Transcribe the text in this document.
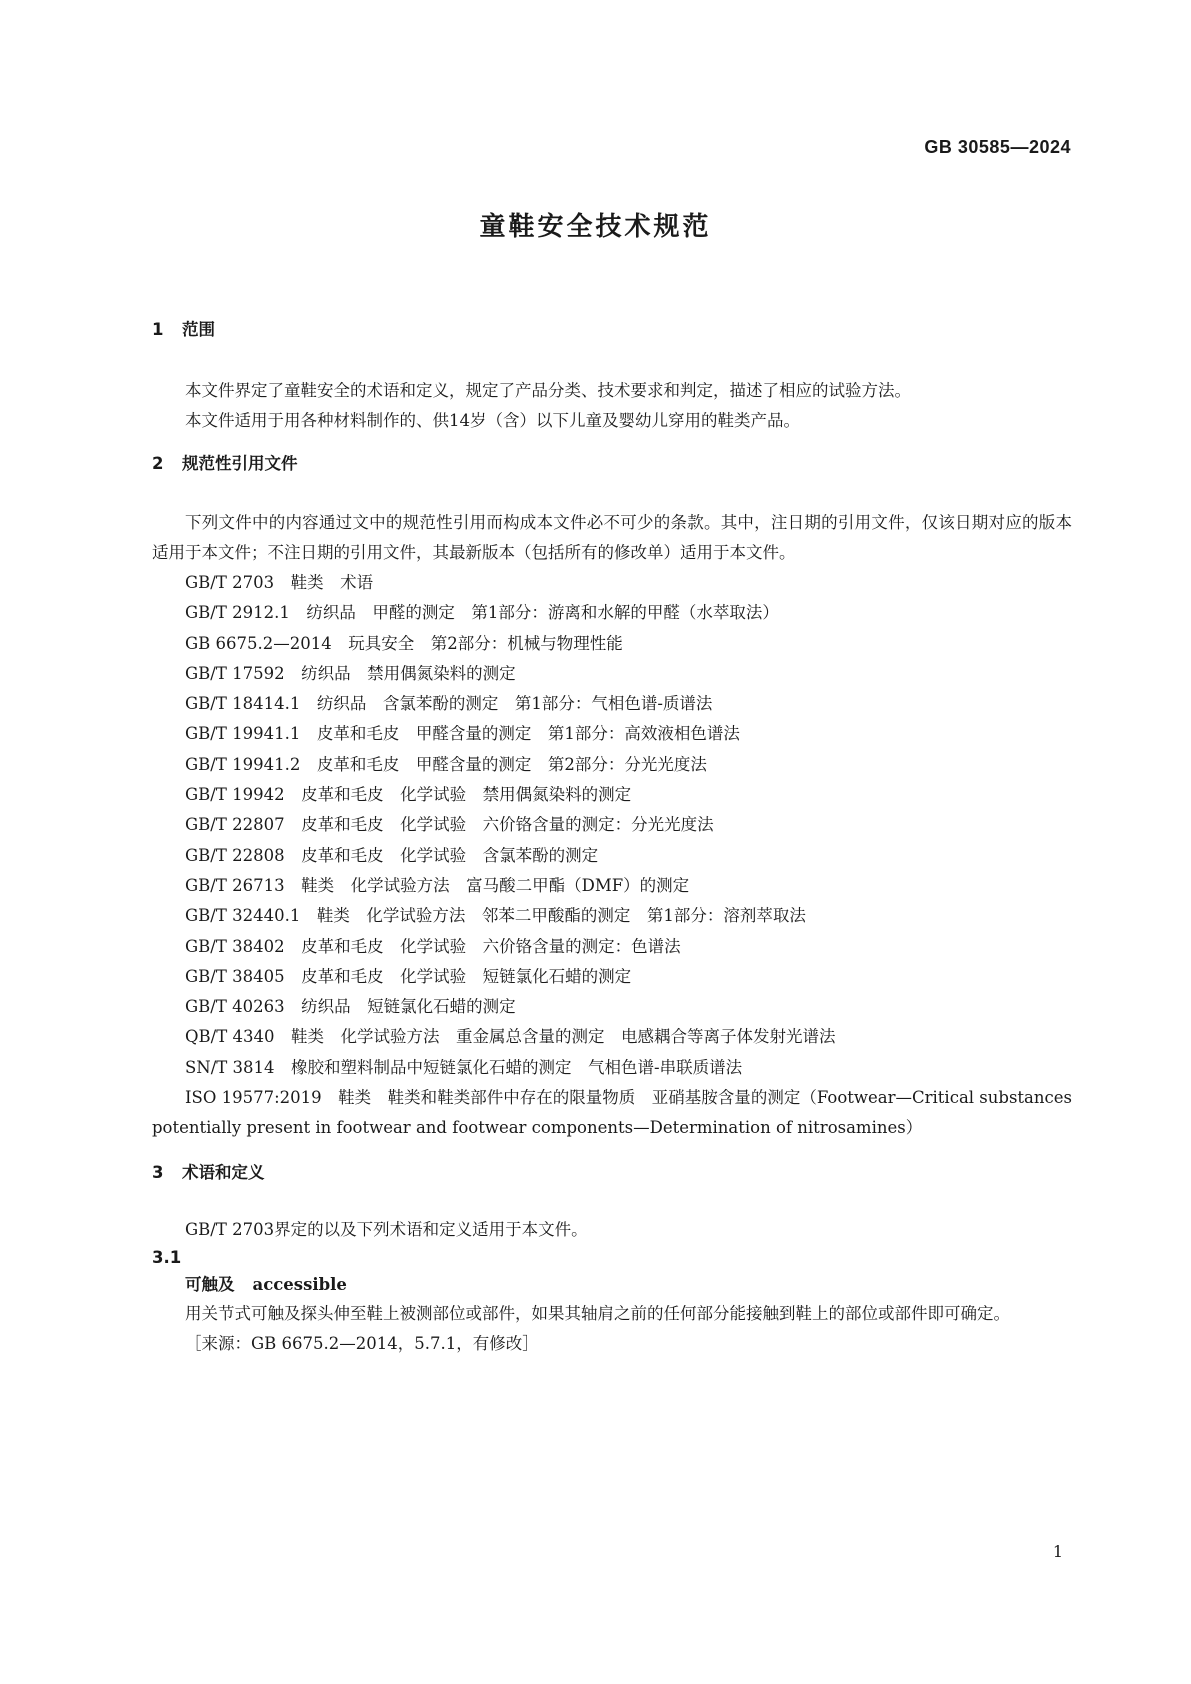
GB 30585—2024
童鞋安全技术规范
1 范围

本文件界定了童鞋安全的术语和定义，规定了产品分类、技术要求和判定，描述了相应的试验方法。

本文件适用于用各种材料制作的、供14岁（含）以下儿童及婴幼儿穿用的鞋类产品。

2 规范性引用文件

下列文件中的内容通过文中的规范性引用而构成本文件必不可少的条款。其中，注日期的引用文件，仅该日期对应的版本适用于本文件；不注日期的引用文件，其最新版本（包括所有的修改单）适用于本文件。

GB/T 2703　鞋类　术语

GB/T 2912.1　纺织品　甲醛的测定　第1部分：游离和水解的甲醛（水萃取法）

GB 6675.2—2014　玩具安全　第2部分：机械与物理性能

GB/T 17592　纺织品　禁用偶氮染料的测定

GB/T 18414.1　纺织品　含氯苯酚的测定　第1部分：气相色谱-质谱法

GB/T 19941.1　皮革和毛皮　甲醛含量的测定　第1部分：高效液相色谱法

GB/T 19941.2　皮革和毛皮　甲醛含量的测定　第2部分：分光光度法

GB/T 19942　皮革和毛皮　化学试验　禁用偶氮染料的测定

GB/T 22807　皮革和毛皮　化学试验　六价铬含量的测定：分光光度法

GB/T 22808　皮革和毛皮　化学试验　含氯苯酚的测定

GB/T 26713　鞋类　化学试验方法　富马酸二甲酯（DMF）的测定

GB/T 32440.1　鞋类　化学试验方法　邻苯二甲酸酯的测定　第1部分：溶剂萃取法

GB/T 38402　皮革和毛皮　化学试验　六价铬含量的测定：色谱法

GB/T 38405　皮革和毛皮　化学试验　短链氯化石蜡的测定

GB/T 40263　纺织品　短链氯化石蜡的测定

QB/T 4340　鞋类　化学试验方法　重金属总含量的测定　电感耦合等离子体发射光谱法

SN/T 3814　橡胶和塑料制品中短链氯化石蜡的测定　气相色谱-串联质谱法

ISO 19577:2019　鞋类　鞋类和鞋类部件中存在的限量物质　亚硝基胺含量的测定（Footwear—Critical substances potentially present in footwear and footwear components—Determination of nitrosamines）

3 术语和定义

GB/T 2703界定的以及下列术语和定义适用于本文件。

3.1

可触及 accessible

用关节式可触及探头伸至鞋上被测部位或部件，如果其轴肩之前的任何部分能接触到鞋上的部位或部件即可确定。

［来源：GB 6675.2—2014，5.7.1，有修改］

1
